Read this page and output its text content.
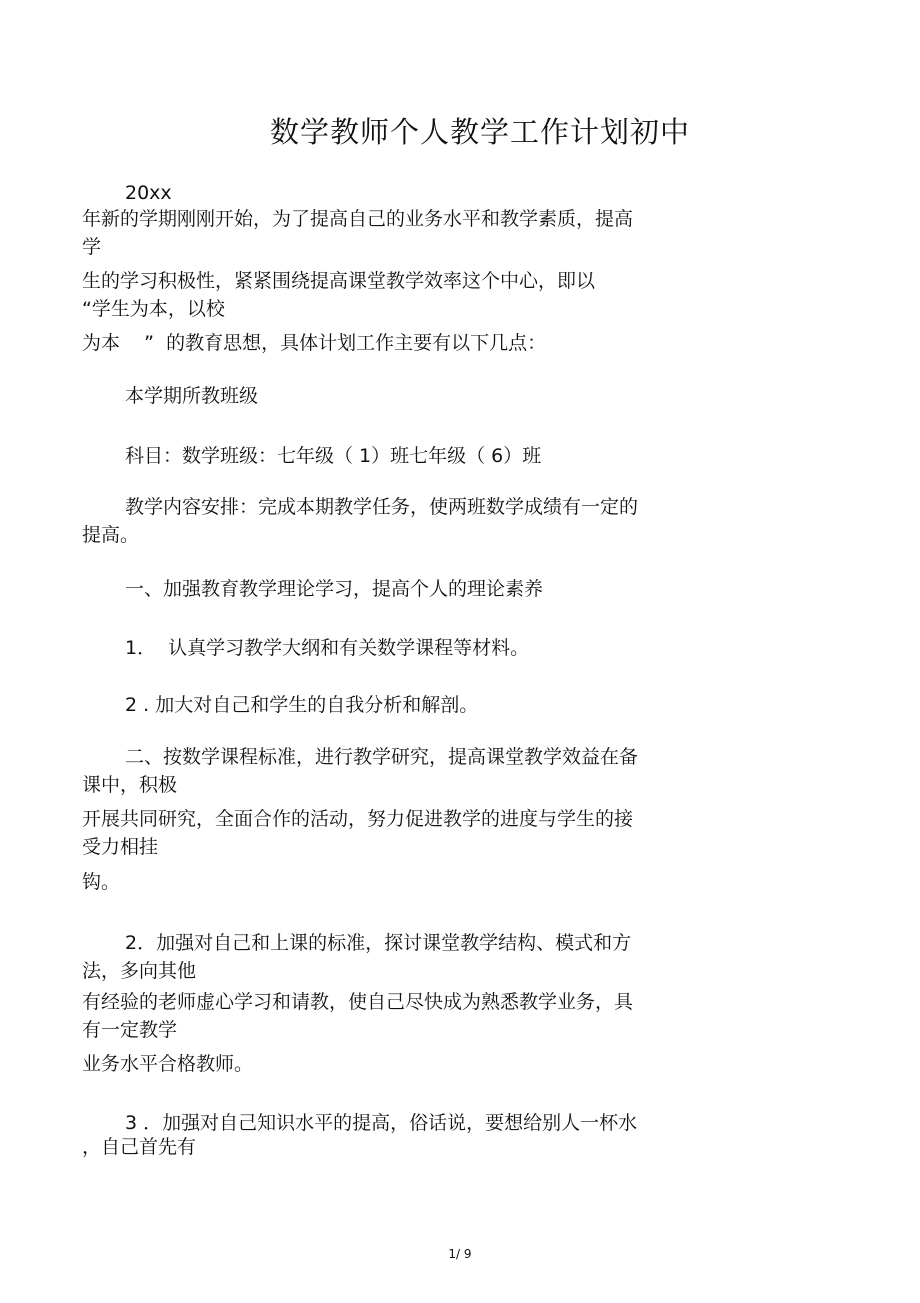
数学教师个人教学工作计划初中
20xx
年新的学期刚刚开始，为了提高自己的业务水平和教学素质，提高
学
生的学习积极性，紧紧围绕提高课堂教学效率这个中心，即以
“学生为本，以校
为本    ”  的教育思想，具体计划工作主要有以下几点：
本学期所教班级
科目：数学班级：七年级（ 1）班七年级（ 6）班
教学内容安排：完成本期教学任务，使两班数学成绩有一定的
提高。
一、加强教育教学理论学习，提高个人的理论素养
1．  认真学习教学大纲和有关数学课程等材料。
2 . 加大对自己和学生的自我分析和解剖。
二、按数学课程标准，进行教学研究，提高课堂教学效益在备
课中，积极
开展共同研究，全面合作的活动，努力促进教学的进度与学生的接
受力相挂
钩。
2．加强对自己和上课的标准，探讨课堂教学结构、模式和方
法，多向其他
有经验的老师虚心学习和请教，使自己尽快成为熟悉教学业务，具
有一定教学
业务水平合格教师。
3 ．加强对自己知识水平的提高，俗话说，要想给别人一杯水
，自己首先有
1/ 9
